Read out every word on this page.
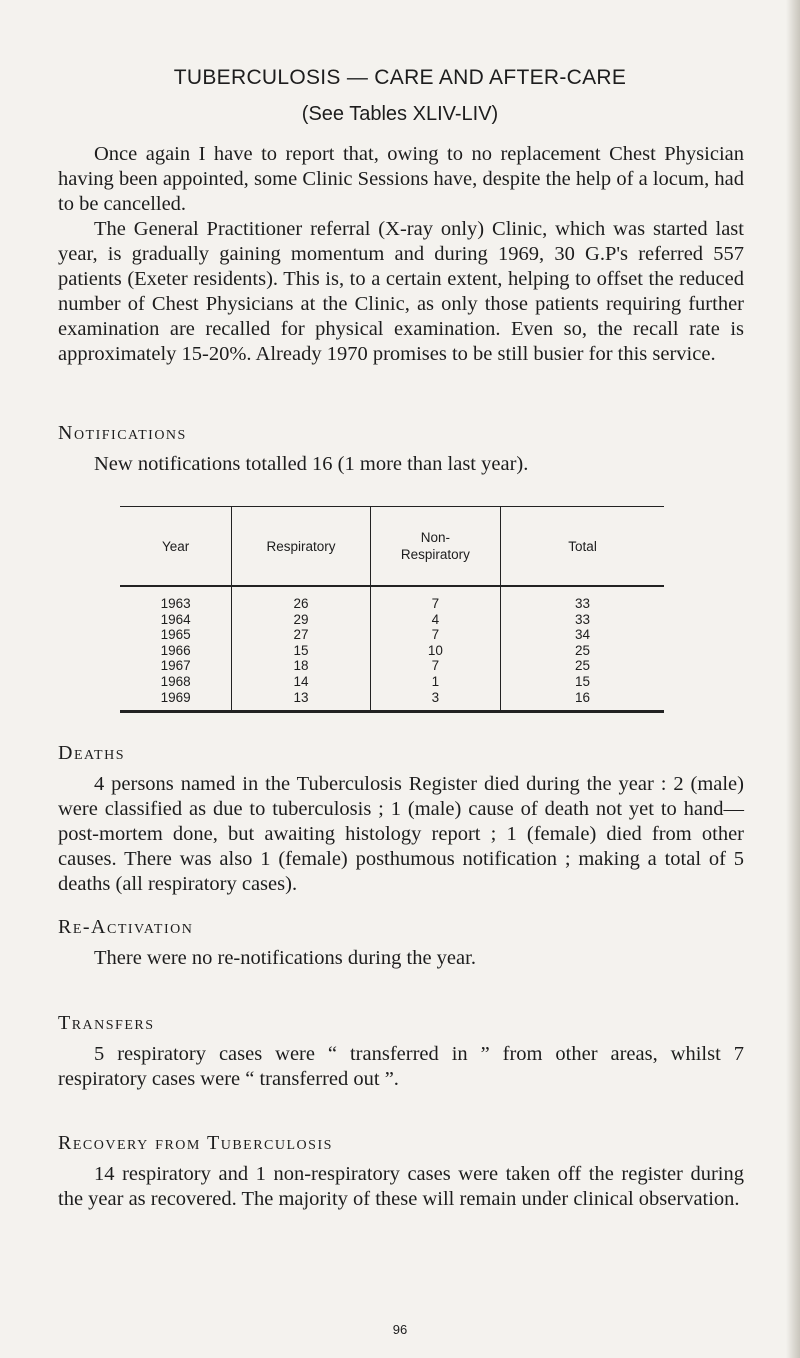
TUBERCULOSIS — CARE AND AFTER-CARE
(See Tables XLIV-LIV)

Once again I have to report that, owing to no replacement Chest Physician having been appointed, some Clinic Sessions have, despite the help of a locum, had to be cancelled.

The General Practitioner referral (X-ray only) Clinic, which was started last year, is gradually gaining momentum and during 1969, 30 G.P's referred 557 patients (Exeter residents). This is, to a certain extent, helping to offset the reduced number of Chest Physicians at the Clinic, as only those patients requiring further examination are recalled for physical examination. Even so, the recall rate is approximately 15-20%. Already 1970 promises to be still busier for this service.

Notifications

New notifications totalled 16 (1 more than last year).

Year	Respiratory	Non-
Respiratory	Total
1963	26	7	33
1964	29	4	33
1965	27	7	34
1966	15	10	25
1967	18	7	25
1968	14	1	15
1969	13	3	16
Deaths

4 persons named in the Tuberculosis Register died during the year : 2 (male) were classified as due to tuberculosis ; 1 (male) cause of death not yet to hand—post-mortem done, but awaiting histology report ; 1 (female) died from other causes. There was also 1 (female) posthumous notification ; making a total of 5 deaths (all respiratory cases).

Re-Activation

There were no re-notifications during the year.

Transfers

5 respiratory cases were “ transferred in ” from other areas, whilst 7 respiratory cases were “ transferred out ”.

Recovery from Tuberculosis

14 respiratory and 1 non-respiratory cases were taken off the register during the year as recovered. The majority of these will remain under clinical observation.

96
